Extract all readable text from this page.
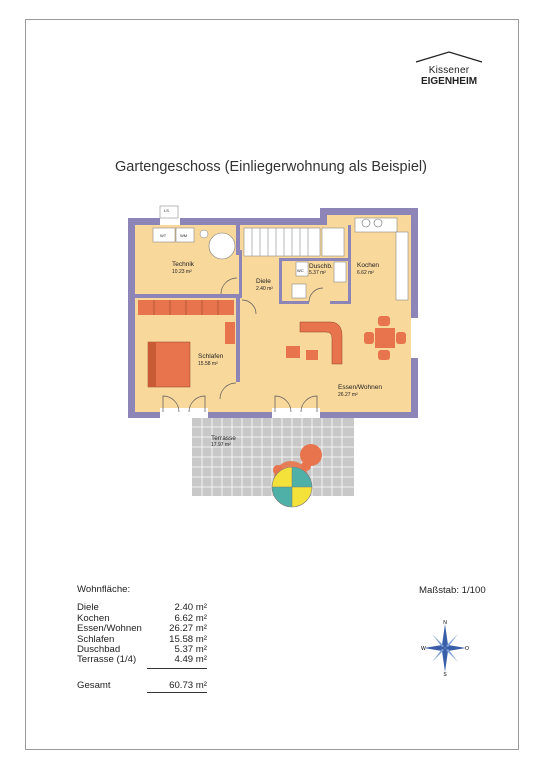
Kissener
EIGENHEIM
Gartengeschoss (Einliegerwohnung als Beispiel)
LS
WT	WM
WC
Technik
10.23 m²
Diele
2.40 m²
Duschb.
5.37 m²
Kochen
6.62 m²
Schlafen
15.58 m²
Essen/Wohnen
26.27 m²
Terrasse
17.97 m²
Wohnfläche:
Diele	2.40 m²
Kochen	6.62 m²
Essen/Wohnen	26.27 m²
Schlafen	15.58 m²
Duschbad	5.37 m²
Terrasse (1/4)	4.49 m²
Gesamt	60.73 m²
Maßstab: 1/100
N
S
W	O
